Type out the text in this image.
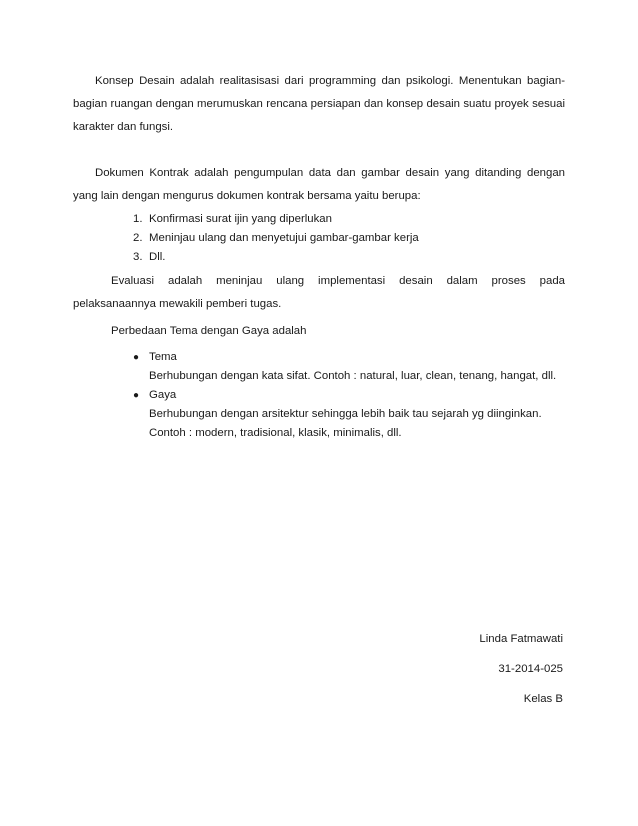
Konsep Desain adalah realitasisasi dari programming dan psikologi. Menentukan bagian-bagian ruangan dengan merumuskan rencana persiapan dan konsep desain suatu proyek sesuai karakter dan fungsi.

Dokumen Kontrak adalah pengumpulan data dan gambar desain yang ditanding dengan yang lain dengan mengurus dokumen kontrak bersama yaitu berupa:

1. Konfirmasi surat ijin yang diperlukan
2. Meninjau ulang dan menyetujui gambar-gambar kerja
3. Dll.

Evaluasi adalah meninjau ulang implementasi desain dalam proses pada pelaksanaannya mewakili pemberi tugas.

Perbedaan Tema dengan Gaya adalah

● Tema
Berhubungan dengan kata sifat. Contoh : natural, luar, clean, tenang, hangat, dll.
● Gaya
Berhubungan dengan arsitektur sehingga lebih baik tau sejarah yg diinginkan. Contoh : modern, tradisional, klasik, minimalis, dll.
Linda Fatmawati
31-2014-025
Kelas B
